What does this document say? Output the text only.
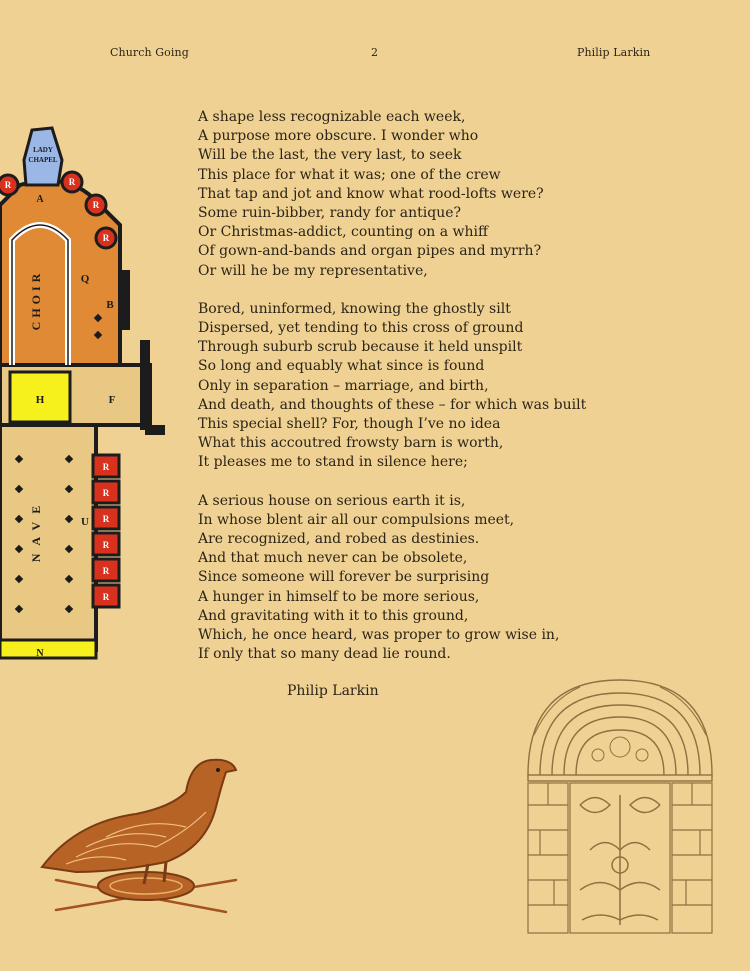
Church Going	2	Philip Larkin
LADY
CHAPEL
A
Q
B
H	F
U
N
CHOIR
NAVE
R	R
R
R
R
R
R
R
R
R
A shape less recognizable each week,
A purpose more obscure. I wonder who
Will be the last, the very last, to seek
This place for what it was; one of the crew
That tap and jot and know what rood-lofts were?
Some ruin-bibber, randy for antique?
Or Christmas-addict, counting on a whiff
Of gown-and-bands and organ pipes and myrrh?
Or will he be my representative,
Bored, uninformed, knowing the ghostly silt
Dispersed, yet tending to this cross of ground
Through suburb scrub because it held unspilt
So long and equably what since is found
Only in separation – marriage, and birth,
And death, and thoughts of these – for which was built
This special shell? For, though I’ve no idea
What this accoutred frowsty barn is worth,
It pleases me to stand in silence here;
A serious house on serious earth it is,
In whose blent air all our compulsions meet,
Are recognized, and robed as destinies.
And that much never can be obsolete,
Since someone will forever be surprising
A hunger in himself to be more serious,
And gravitating with it to this ground,
Which, he once heard, was proper to grow wise in,
If only that so many dead lie round.
Philip Larkin
